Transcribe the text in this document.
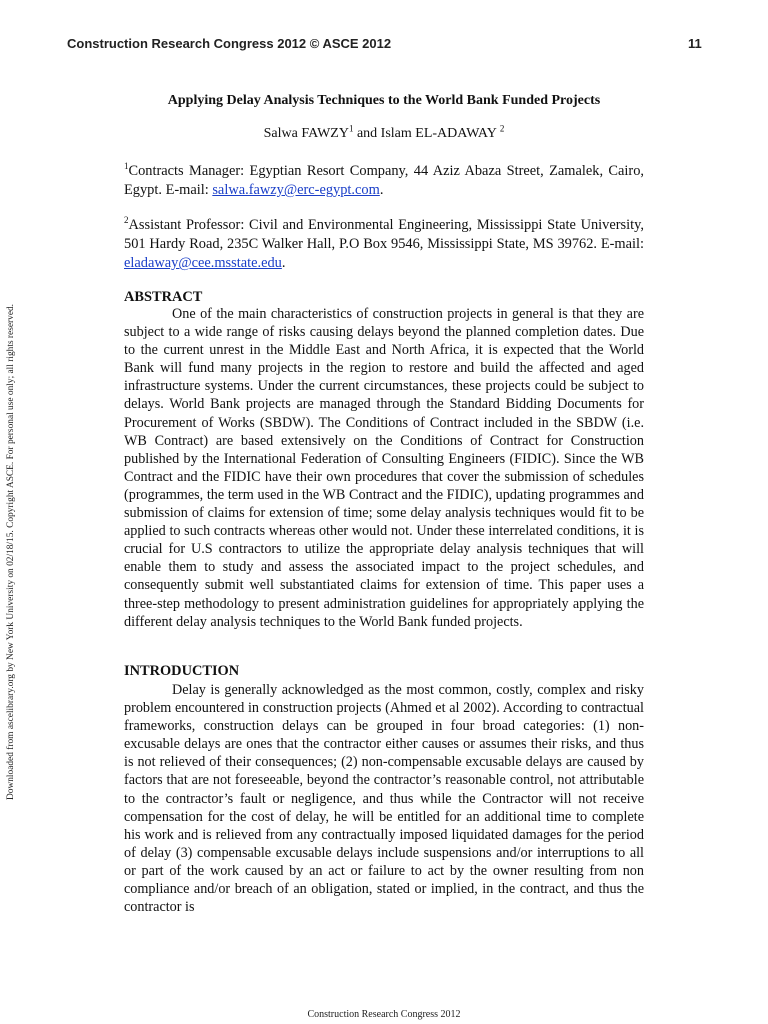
Construction Research Congress 2012 © ASCE 2012	11
Downloaded from ascelibrary.org by New York University on 02/18/15. Copyright ASCE. For personal use only; all rights reserved.
Applying Delay Analysis Techniques to the World Bank Funded Projects
Salwa FAWZY$^1$ and Islam EL-ADAWAY $^2$
$^1$Contracts Manager: Egyptian Resort Company, 44 Aziz Abaza Street, Zamalek, Cairo, Egypt. E-mail: salwa.fawzy@erc-egypt.com.
$^2$Assistant Professor: Civil and Environmental Engineering, Mississippi State University, 501 Hardy Road, 235C Walker Hall, P.O Box 9546, Mississippi State, MS 39762. E-mail: eladaway@cee.msstate.edu.
ABSTRACT

One of the main characteristics of construction projects in general is that they are subject to a wide range of risks causing delays beyond the planned completion dates. Due to the current unrest in the Middle East and North Africa, it is expected that the World Bank will fund many projects in the region to restore and build the affected and aged infrastructure systems. Under the current circumstances, these projects could be subject to delays. World Bank projects are managed through the Standard Bidding Documents for Procurement of Works (SBDW). The Conditions of Contract included in the SBDW (i.e. WB Contract) are based extensively on the Conditions of Contract for Construction published by the International Federation of Consulting Engineers (FIDIC). Since the WB Contract and the FIDIC have their own procedures that cover the submission of schedules (programmes, the term used in the WB Contract and the FIDIC), updating programmes and submission of claims for extension of time; some delay analysis techniques would fit to be applied to such contracts whereas other would not. Under these interrelated conditions, it is crucial for U.S contractors to utilize the appropriate delay analysis techniques that will enable them to study and assess the associated impact to the project schedules, and consequently submit well substantiated claims for extension of time. This paper uses a three-step methodology to present administration guidelines for appropriately applying the different delay analysis techniques to the World Bank funded projects.

INTRODUCTION

Delay is generally acknowledged as the most common, costly, complex and risky problem encountered in construction projects (Ahmed et al 2002). According to contractual frameworks, construction delays can be grouped in four broad categories: (1) non-excusable delays are ones that the contractor either causes or assumes their risks, and thus is not relieved of their consequences; (2) non-compensable excusable delays are caused by factors that are not foreseeable, beyond the contractor’s reasonable control, not attributable to the contractor’s fault or negligence, and thus while the Contractor will not receive compensation for the cost of delay, he will be entitled for an additional time to complete his work and is relieved from any contractually imposed liquidated damages for the period of delay (3) compensable excusable delays include suspensions and/or interruptions to all or part of the work caused by an act or failure to act by the owner resulting from non compliance and/or breach of an obligation, stated or implied, in the contract, and thus the contractor is

Construction Research Congress 2012
